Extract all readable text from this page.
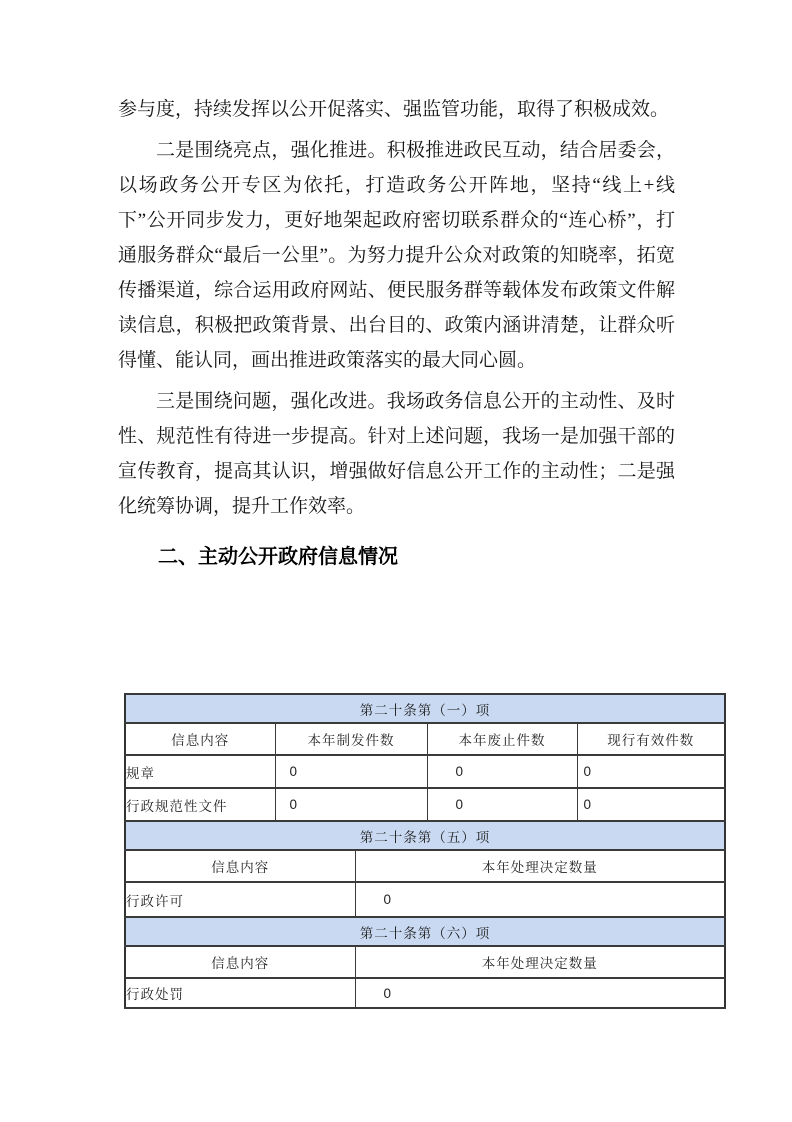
参与度，持续发挥以公开促落实、强监管功能，取得了积极成效。

二是围绕亮点，强化推进。积极推进政民互动，结合居委会，以场政务公开专区为依托，打造政务公开阵地，坚持“线上+线下”公开同步发力，更好地架起政府密切联系群众的“连心桥”，打通服务群众“最后一公里”。为努力提升公众对政策的知晓率，拓宽传播渠道，综合运用政府网站、便民服务群等载体发布政策文件解读信息，积极把政策背景、出台目的、政策内涵讲清楚，让群众听得懂、能认同，画出推进政策落实的最大同心圆。

三是围绕问题，强化改进。我场政务信息公开的主动性、及时性、规范性有待进一步提高。针对上述问题，我场一是加强干部的宣传教育，提高其认识，增强做好信息公开工作的主动性；二是强化统筹协调，提升工作效率。

二、主动公开政府信息情况
第二十条第（一）项			
信息内容	本年制发件数	本年废止件数	现行有效件数
规章	0	0	0
行政规范性文件	0	0	0
第二十条第（五）项	
信息内容	本年处理决定数量
行政许可	0
第二十条第（六）项	
信息内容	本年处理决定数量
行政处罚	0
